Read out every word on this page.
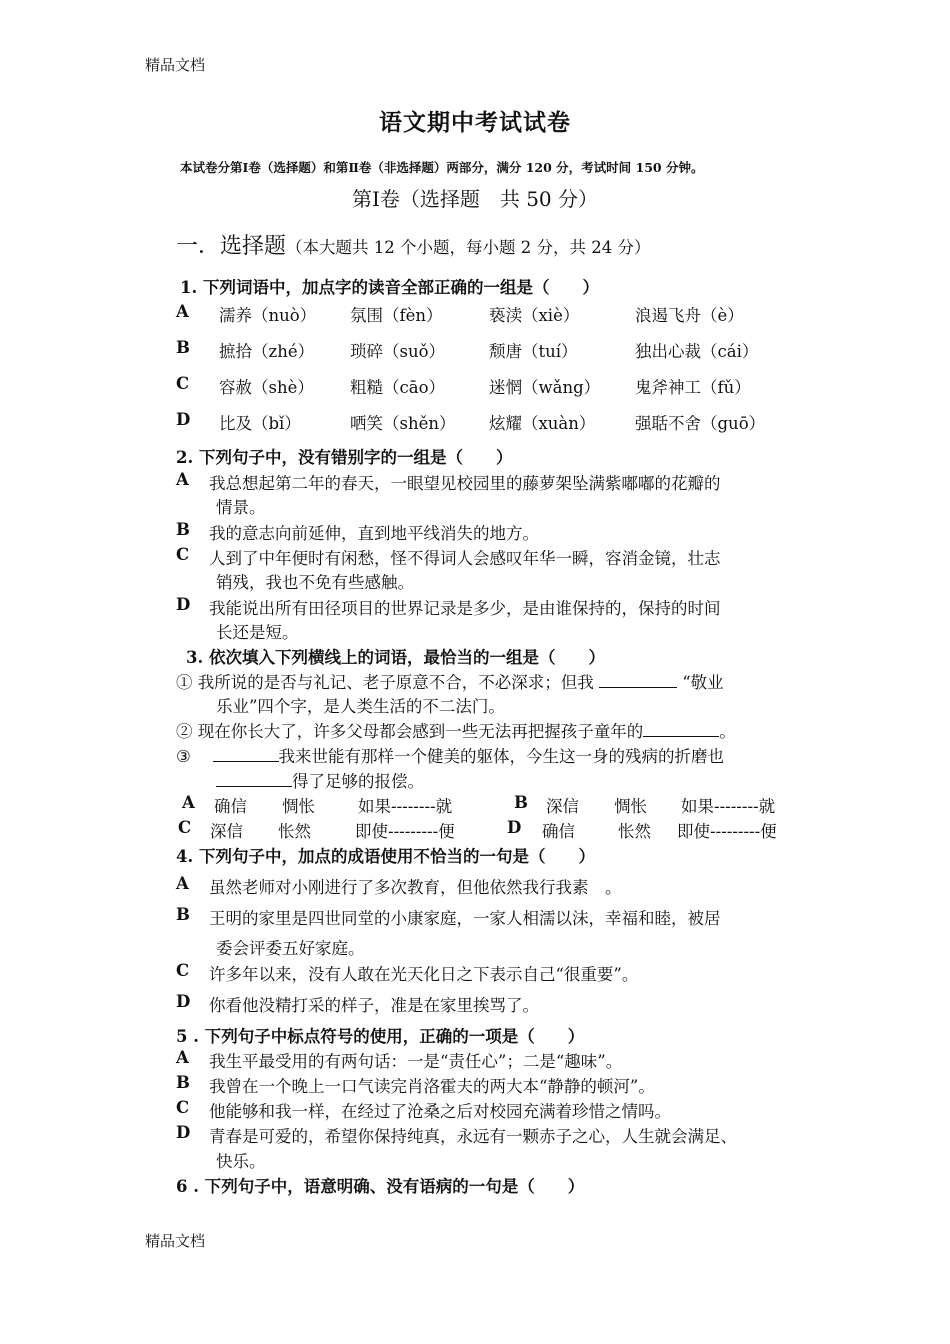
精品文档
语文期中考试试卷
本试卷分第Ⅰ卷（选择题）和第Ⅱ卷（非选择题）两部分，满分 120 分，考试时间 150 分钟。
第Ⅰ卷（选择题　共 50 分）
一．选择题（本大题共 12 个小题，每小题 2 分，共 24 分）
1. 下列词语中，加点字的读音全部正确的一组是（　　）
A 濡养（nuò） 氛围（fèn）	亵渎（xiè）	浪遏飞舟（è）
B 摭拾（zhé） 琐碎（suǒ）	颓唐（tuí）	独出心裁（cái）
C 容赦（shè） 粗糙（cāo）	迷惘（wǎng） 鬼斧神工（fǔ）
D 比及（bǐ）	哂笑（shěn） 炫耀（xuàn） 强聒不舍（guō）
2. 下列句子中，没有错别字的一组是（　　）
A 我总想起第二年的春天，一眼望见校园里的藤萝架坠满紫嘟嘟的花瓣的
情景。
B 我的意志向前延伸，直到地平线消失的地方。
C 人到了中年便时有闲愁，怪不得词人会感叹年华一瞬，容消金镜，壮志
销残，我也不免有些感触。
D 我能说出所有田径项目的世界记录是多少，是由谁保持的，保持的时间
长还是短。
3. 依次填入下列横线上的词语，最恰当的一组是（　　）
① 我所说的是否与礼记、老子原意不合，不必深求；但我	“敬业
乐业”四个字，是人类生活的不二法门。
② 现在你长大了，许多父母都会感到一些无法再把握孩子童年的	。
③　	我来世能有那样一个健美的躯体，今生这一身的残病的折磨也
得了足够的报偿。
A 确信 惆怅	如果--------就	B 深信 惆怅 如果--------就
C 深信 怅然	即使---------便	D 确信	怅然 即使---------便
4. 下列句子中，加点的成语使用不恰当的一句是（　　）
A 虽然老师对小刚进行了多次教育，但他依然我行我素　。
B 王明的家里是四世同堂的小康家庭，一家人相濡以沫，幸福和睦，被居
委会评委五好家庭。
C 许多年以来，没有人敢在光天化日之下表示自己“很重要”。
D 你看他没精打采的样子，准是在家里挨骂了。
5 . 下列句子中标点符号的使用，正确的一项是（　　）
A 我生平最受用的有两句话：一是“责任心”；二是“趣味”。
B 我曾在一个晚上一口气读完肖洛霍夫的两大本“静静的顿河”。
C 他能够和我一样，在经过了沧桑之后对校园充满着珍惜之情吗。
D 青春是可爱的，希望你保持纯真，永远有一颗赤子之心，人生就会满足、
快乐。
6 . 下列句子中，语意明确、没有语病的一句是（　　）
精品文档
